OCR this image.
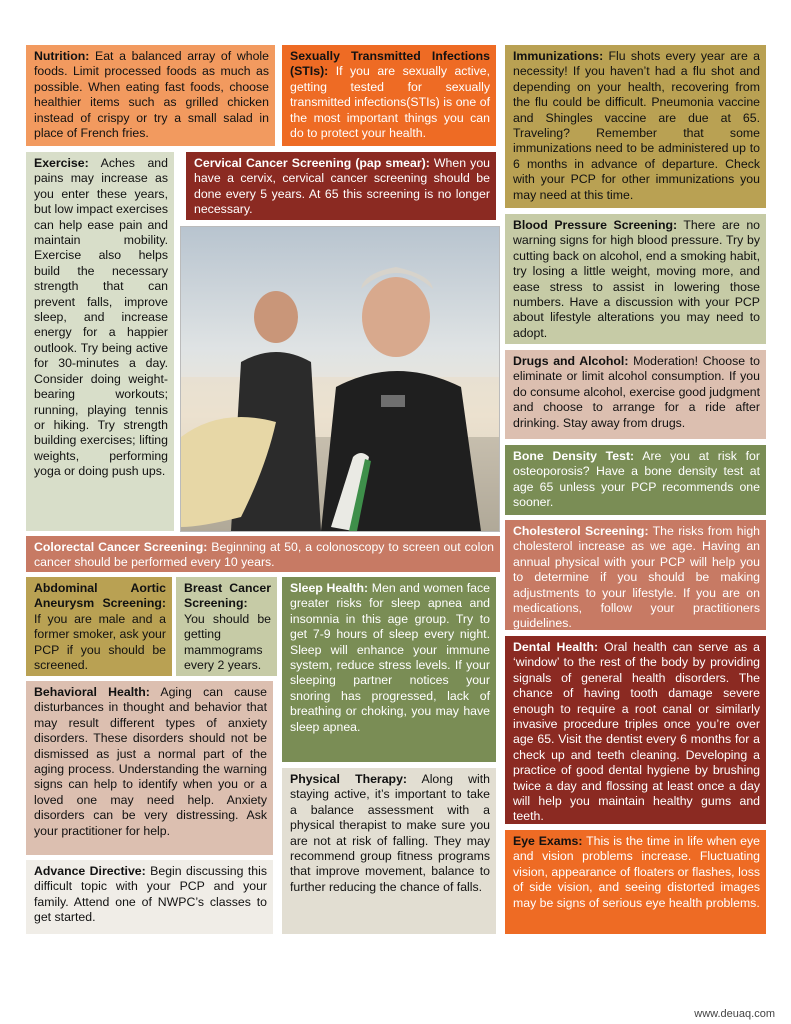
Nutrition: Eat a balanced array of whole foods. Limit processed foods as much as possible. When eating fast foods, choose healthier items such as grilled chicken instead of crispy or try a small salad in place of French fries.
Sexually Transmitted Infections (STIs): If you are sexually active, getting tested for sexually transmitted infections(STIs) is one of the most important things you can do to protect your health.
Immunizations: Flu shots every year are a necessity! If you haven’t had a flu shot and depending on your health, recovering from the flu could be difficult. Pneumonia vaccine and Shingles vaccine are due at 65. Traveling? Remember that some immunizations need to be administered up to 6 months in advance of departure. Check with your PCP for other immunizations you may need at this time.
Exercise: Aches and pains may increase as you enter these years, but low impact exercises can help ease pain and maintain mobility. Exercise also helps build the necessary strength that can prevent falls, improve sleep, and increase energy for a happier outlook. Try being active for 30-minutes a day. Consider doing weight-bearing workouts; running, playing tennis or hiking. Try strength building exercises; lifting weights, performing yoga or doing push ups.
Cervical Cancer Screening (pap smear): When you have a cervix, cervical cancer screening should be done every 5 years. At 65 this screening is no longer necessary.
Blood Pressure Screening: There are no warning signs for high blood pressure. Try by cutting back on alcohol, end a smoking habit, try losing a little weight, moving more, and ease stress to assist in lowering those numbers. Have a discussion with your PCP about lifestyle alterations you may need to adopt.
Drugs and Alcohol: Moderation! Choose to eliminate or limit alcohol consumption. If you do consume alcohol, exercise good judgment and choose to arrange for a ride after drinking. Stay away from drugs.
Bone Density Test: Are you at risk for osteoporosis? Have a bone density test at age 65 unless your PCP recommends one sooner.
Colorectal Cancer Screening: Beginning at 50, a colonoscopy to screen out colon cancer should be performed every 10 years.
Cholesterol Screening: The risks from high cholesterol increase as we age. Having an annual physical with your PCP will help you to determine if you should be making adjustments to your lifestyle. If you are on medications, follow your practitioners guidelines.
Abdominal Aortic Aneurysm Screening: If you are male and a former smoker, ask your PCP if you should be screened.
Breast Cancer Screening: You should be getting mammograms every 2 years.
Sleep Health: Men and women face greater risks for sleep apnea and insomnia in this age group. Try to get 7-9 hours of sleep every night. Sleep will enhance your immune system, reduce stress levels. If your sleeping partner notices your snoring has progressed, lack of breathing or choking, you may have sleep apnea.
Dental Health: Oral health can serve as a ‘window’ to the rest of the body by providing signals of general health disorders. The chance of having tooth damage severe enough to require a root canal or similarly invasive procedure triples once you’re over age 65. Visit the dentist every 6 months for a check up and teeth cleaning. Developing a practice of good dental hygiene by brushing twice a day and flossing at least once a day will help you maintain healthy gums and teeth.
Behavioral Health: Aging can cause disturbances in thought and behavior that may result different types of anxiety disorders. These disorders should not be dismissed as just a normal part of the aging process. Understanding the warning signs can help to identify when you or a loved one may need help. Anxiety disorders can be very distressing. Ask your practitioner for help.
Physical Therapy: Along with staying active, it’s important to take a balance assessment with a physical therapist to make sure you are not at risk of falling. They may recommend group fitness programs that improve movement, balance to further reducing the chance of falls.
Eye Exams: This is the time in life when eye and vision problems increase. Fluctuating vision, appearance of floaters or flashes, loss of side vision, and seeing distorted images may be signs of serious eye health problems.
Advance Directive: Begin discussing this difficult topic with your PCP and your family. Attend one of NWPC’s classes to get started.
www.deuaq.com
